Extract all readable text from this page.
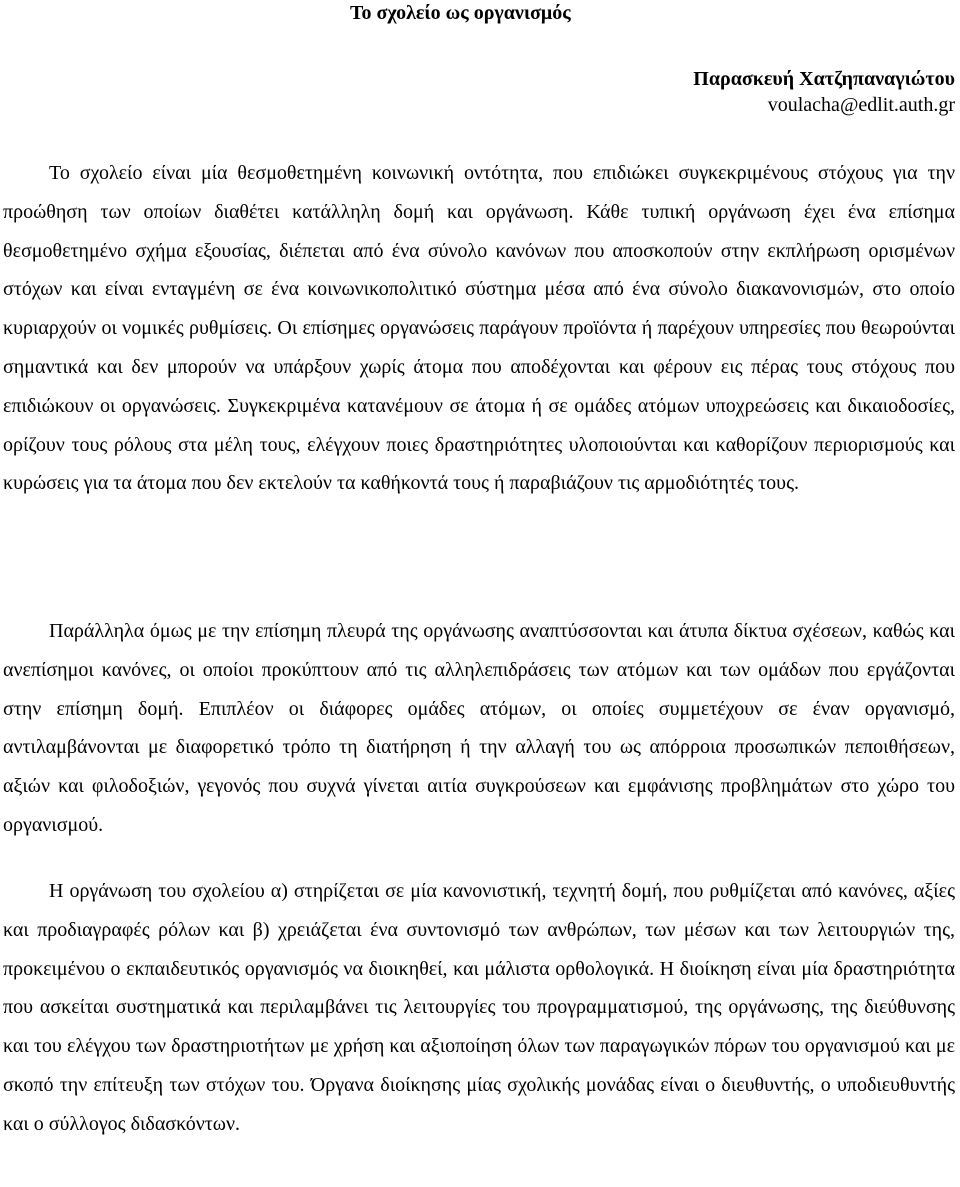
Το σχολείο ως οργανισμός
Παρασκευή Χατζηπαναγιώτου
voulacha@edlit.auth.gr

Το σχολείο είναι μία θεσμοθετημένη κοινωνική οντότητα, που επιδιώκει συγκεκριμένους στόχους για την προώθηση των οποίων διαθέτει κατάλληλη δομή και οργάνωση. Κάθε τυπική οργάνωση έχει ένα επίσημα θεσμοθετημένο σχήμα εξουσίας, διέπεται από ένα σύνολο κανόνων που αποσκοπούν στην εκπλήρωση ορισμένων στόχων και είναι ενταγμένη σε ένα κοινωνικοπολιτικό σύστημα μέσα από ένα σύνολο διακανονισμών, στο οποίο κυριαρχούν οι νομικές ρυθμίσεις. Οι επίσημες οργανώσεις παράγουν προϊόντα ή παρέχουν υπηρεσίες που θεωρούνται σημαντικά και δεν μπορούν να υπάρξουν χωρίς άτομα που αποδέχονται και φέρουν εις πέρας τους στόχους που επιδιώκουν οι οργανώσεις. Συγκεκριμένα κατανέμουν σε άτομα ή σε ομάδες ατόμων υποχρεώσεις και δικαιοδοσίες, ορίζουν τους ρόλους στα μέλη τους, ελέγχουν ποιες δραστηριότητες υλοποιούνται και καθορίζουν περιορισμούς και κυρώσεις για τα άτομα που δεν εκτελούν τα καθήκοντά τους ή παραβιάζουν τις αρμοδιότητές τους.

Παράλληλα όμως με την επίσημη πλευρά της οργάνωσης αναπτύσσονται και άτυπα δίκτυα σχέσεων, καθώς και ανεπίσημοι κανόνες, οι οποίοι προκύπτουν από τις αλληλεπιδράσεις των ατόμων και των ομάδων που εργάζονται στην επίσημη δομή. Επιπλέον οι διάφορες ομάδες ατόμων, οι οποίες συμμετέχουν σε έναν οργανισμό, αντιλαμβάνονται με διαφορετικό τρόπο τη διατήρηση ή την αλλαγή του ως απόρροια προσωπικών πεποιθήσεων, αξιών και φιλοδοξιών, γεγονός που συχνά γίνεται αιτία συγκρούσεων και εμφάνισης προβλημάτων στο χώρο του οργανισμού.

Η οργάνωση του σχολείου α) στηρίζεται σε μία κανονιστική, τεχνητή δομή, που ρυθμίζεται από κανόνες, αξίες και προδιαγραφές ρόλων και β) χρειάζεται ένα συντονισμό των ανθρώπων, των μέσων και των λειτουργιών της, προκειμένου ο εκπαιδευτικός οργανισμός να διοικηθεί, και μάλιστα ορθολογικά. Η διοίκηση είναι μία δραστηριότητα που ασκείται συστηματικά και περιλαμβάνει τις λειτουργίες του προγραμματισμού, της οργάνωσης, της διεύθυνσης και του ελέγχου των δραστηριοτήτων με χρήση και αξιοποίηση όλων των παραγωγικών πόρων του οργανισμού και με σκοπό την επίτευξη των στόχων του. Όργανα διοίκησης μίας σχολικής μονάδας είναι ο διευθυντής, ο υποδιευθυντής και ο σύλλογος διδασκόντων.
